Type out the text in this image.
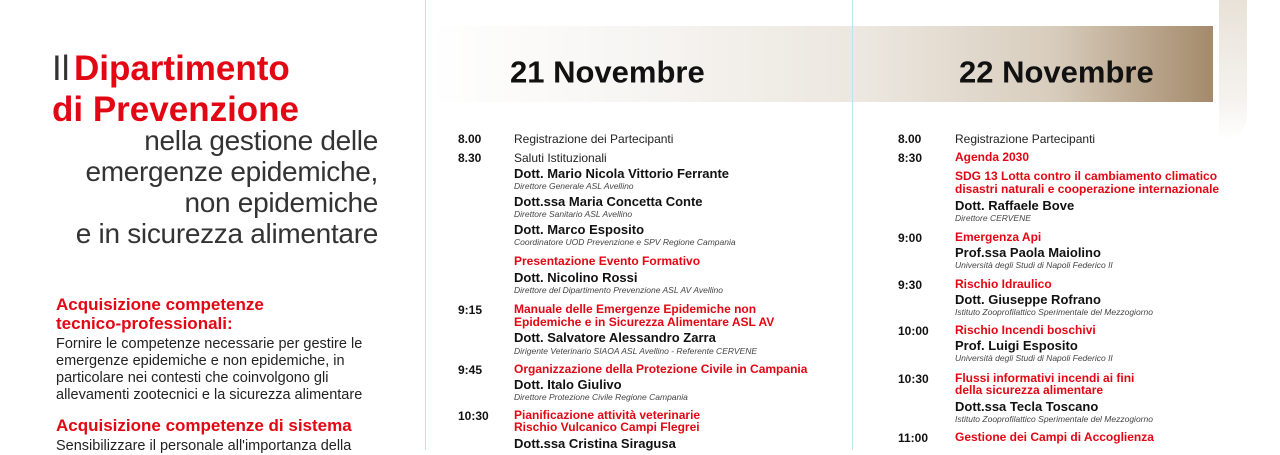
Il Dipartimento
di Prevenzione
nella gestione delle
emergenze epidemiche,
non epidemiche
e in sicurezza alimentare
Acquisizione competenze
tecnico-professionali:
Fornire le competenze necessarie per gestire le
emergenze epidemiche e non epidemiche, in
particolare nei contesti che coinvolgono gli
allevamenti zootecnici e la sicurezza alimentare
Acquisizione competenze di sistema
Sensibilizzare il personale all'importanza della
21 Novembre	22 Novembre
8.00	Registrazione dei Partecipanti
8.30	Saluti Istituzionali
Dott. Mario Nicola Vittorio Ferrante
Direttore Generale ASL Avellino
Dott.ssa Maria Concetta Conte
Direttore Sanitario ASL Avellino
Dott. Marco Esposito
Coordinatore UOD Prevenzione e SPV Regione Campania
Presentazione Evento Formativo
Dott. Nicolino Rossi
Direttore del Dipartimento Prevenzione ASL AV Avellino
9:15	Manuale delle Emergenze Epidemiche non
Epidemiche e in Sicurezza Alimentare ASL AV
Dott. Salvatore Alessandro Zarra
Dirigente Veterinario SIAOA ASL Avellino - Referente CERVENE
9:45	Organizzazione della Protezione Civile in Campania
Dott. Italo Giulivo
Direttore Protezione Civile Regione Campania
10:30 Pianificazione attività veterinarie
Rischio Vulcanico Campi Flegrei
Dott.ssa Cristina Siragusa
8.00	Registrazione Partecipanti
8:30	Agenda 2030
SDG 13 Lotta contro il cambiamento climatico
disastri naturali e cooperazione internazionale
Dott. Raffaele Bove
Direttore CERVENE
9:00	Emergenza Api
Prof.ssa Paola Maiolino
Università degli Studi di Napoli Federico II
9:30	Rischio Idraulico
Dott. Giuseppe Rofrano
Istituto Zooprofilattico Sperimentale del Mezzogiorno
10:00 Rischio Incendi boschivi
Prof. Luigi Esposito
Università degli Studi di Napoli Federico II
10:30 Flussi informativi incendi ai fini
della sicurezza alimentare
Dott.ssa Tecla Toscano
Istituto Zooprofilattico Sperimentale del Mezzogiorno
11:00 Gestione dei Campi di Accoglienza
